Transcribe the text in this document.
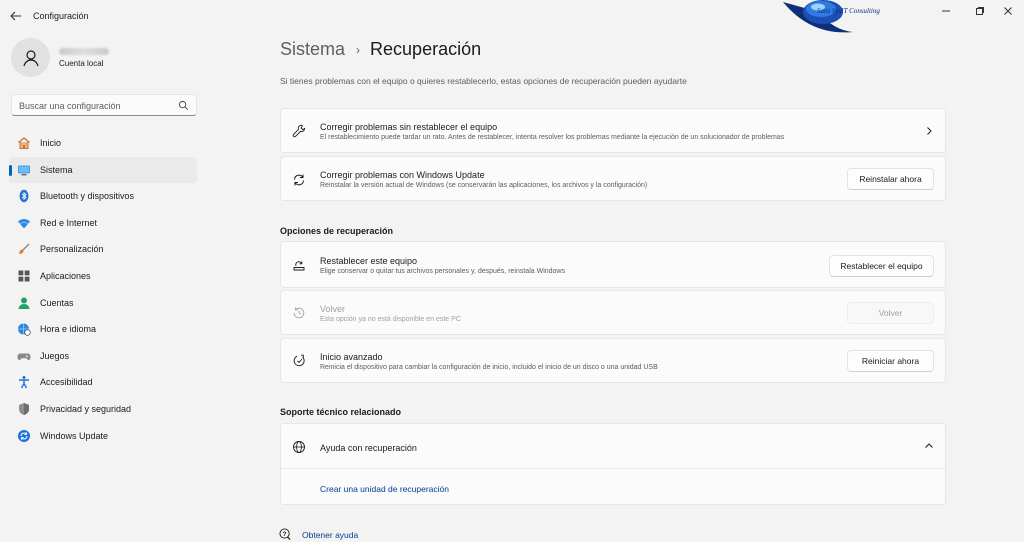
Configuración	Sanz SysIT Consulting
Cuenta local
Buscar una configuración
Inicio
Sistema
Bluetooth y dispositivos
Red e Internet
Personalización
Aplicaciones
Cuentas
Hora e idioma
Juegos
Accesibilidad
Privacidad y seguridad
Windows Update
Sistema › Recuperación
Si tienes problemas con el equipo o quieres restablecerlo, estas opciones de recuperación pueden ayudarte
Corregir problemas sin restablecer el equipo
El restablecimiento puede tardar un rato. Antes de restablecer, intenta resolver los problemas mediante la ejecución de un solucionador de problemas
Corregir problemas con Windows Update
Reinstalar la versión actual de Windows (se conservarán las aplicaciones, los archivos y la configuración)
Reinstalar ahora
Opciones de recuperación
Restablecer este equipo
Elige conservar o quitar tus archivos personales y, después, reinstala Windows
Restablecer el equipo
Volver
Esta opción ya no está disponible en este PC
Volver
Inicio avanzado
Reinicia el dispositivo para cambiar la configuración de inicio, incluido el inicio de un disco o una unidad USB
Reiniciar ahora
Soporte técnico relacionado
Ayuda con recuperación
Crear una unidad de recuperación
? Obtener ayuda
